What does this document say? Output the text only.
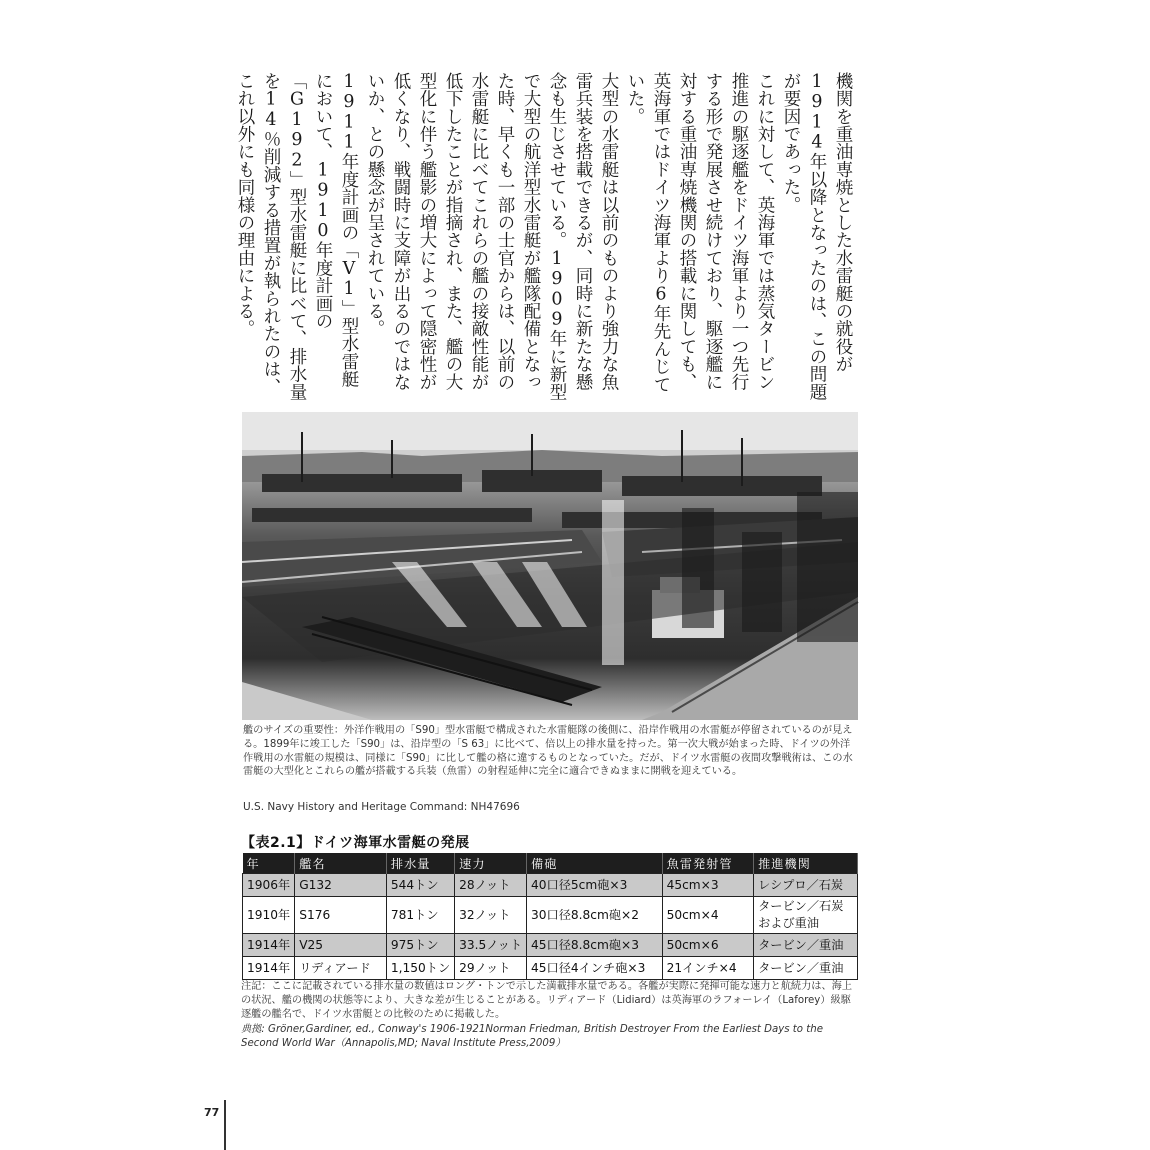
機関を重油専焼とした水雷艇の就役が1914年以降となったのは、この問題が要因であった。

これに対して、英海軍では蒸気タービン推進の駆逐艦をドイツ海軍より一つ先行する形で発展させ続けており、駆逐艦に対する重油専焼機関の搭載に関しても、英海軍ではドイツ海軍より6年先んじていた。

大型の水雷艇は以前のものより強力な魚雷兵装を搭載できるが、同時に新たな懸念も生じさせている。1909年に新型で大型の航洋型水雷艇が艦隊配備となった時、早くも一部の士官からは、以前の水雷艇に比べてこれらの艦の接敵性能が低下したことが指摘され、また、艦の大型化に伴う艦影の増大によって隠密性が低くなり、戦闘時に支障が出るのではないか、との懸念が呈されている。1911年度計画の「V1」型水雷艇において、1910年度計画の「G192」型水雷艇に比べて、排水量を14％削減する措置が執られたのは、これ以外にも同様の理由による。

艦のサイズの重要性：外洋作戦用の「S90」型水雷艇で構成された水雷艇隊の後側に、沿岸作戦用の水雷艇が停留されているのが見える。1899年に竣工した「S90」は、沿岸型の「S 63」に比べて、倍以上の排水量を持った。第一次大戦が始まった時、ドイツの外洋作戦用の水雷艇の規模は、同様に「S90」に比して艦の格に違するものとなっていた。だが、ドイツ水雷艇の夜間攻撃戦術は、この水雷艇の大型化とこれらの艦が搭載する兵装（魚雷）の射程延伸に完全に適合できぬままに開戦を迎えている。

U.S. Navy History and Heritage Command: NH47696
【表2.1】ドイツ海軍水雷艇の発展
年	艦名	排水量	速力	備砲	魚雷発射管	推進機関
1906年	G132	544トン	28ノット	40口径5cm砲×3	45cm×3	レシプロ／石炭
1910年	S176	781トン	32ノット	30口径8.8cm砲×2	50cm×4	タービン／石炭および重油
1914年	V25	975トン	33.5ノット	45口径8.8cm砲×3	50cm×6	タービン／重油
1914年	リディアード	1,150トン	29ノット	45口径4インチ砲×3	21インチ×4	タービン／重油
注記：ここに記載されている排水量の数値はロング・トンで示した満載排水量である。各艦が実際に発揮可能な速力と航続力は、海上の状況、艦の機関の状態等により、大きな差が生じることがある。リディアード（Lidiard）は英海軍のラフォーレイ（Laforey）級駆逐艦の艦名で、ドイツ水雷艇との比較のために掲載した。
典拠: Gröner,Gardiner, ed., Conway's 1906-1921Norman Friedman, British Destroyer From the Earliest Days to the Second World War（Annapolis,MD; Naval Institute Press,2009）
77
